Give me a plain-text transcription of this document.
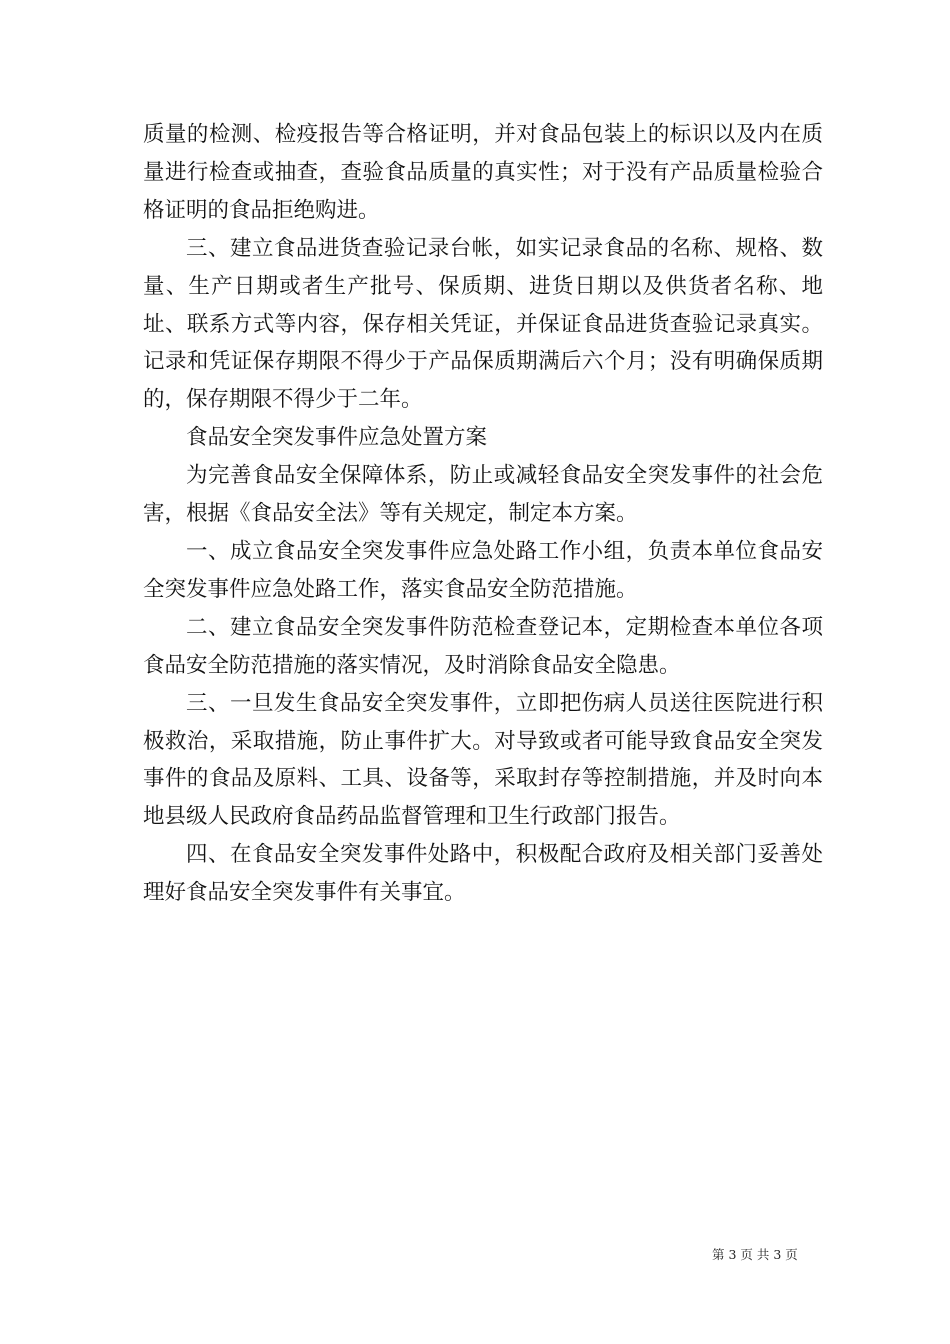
质量的检测、检疫报告等合格证明，并对食品包装上的标识以及内在质量进行检查或抽查，查验食品质量的真实性；对于没有产品质量检验合格证明的食品拒绝购进。

三、建立食品进货查验记录台帐，如实记录食品的名称、规格、数量、生产日期或者生产批号、保质期、进货日期以及供货者名称、地址、联系方式等内容，保存相关凭证，并保证食品进货查验记录真实。记录和凭证保存期限不得少于产品保质期满后六个月；没有明确保质期的，保存期限不得少于二年。

食品安全突发事件应急处置方案

为完善食品安全保障体系，防止或减轻食品安全突发事件的社会危害，根据《食品安全法》等有关规定，制定本方案。

一、成立食品安全突发事件应急处路工作小组，负责本单位食品安全突发事件应急处路工作，落实食品安全防范措施。

二、建立食品安全突发事件防范检查登记本，定期检查本单位各项食品安全防范措施的落实情况，及时消除食品安全隐患。

三、一旦发生食品安全突发事件，立即把伤病人员送往医院进行积极救治，采取措施，防止事件扩大。对导致或者可能导致食品安全突发事件的食品及原料、工具、设备等，采取封存等控制措施，并及时向本地县级人民政府食品药品监督管理和卫生行政部门报告。

四、在食品安全突发事件处路中，积极配合政府及相关部门妥善处理好食品安全突发事件有关事宜。

第 3 页 共 3 页
